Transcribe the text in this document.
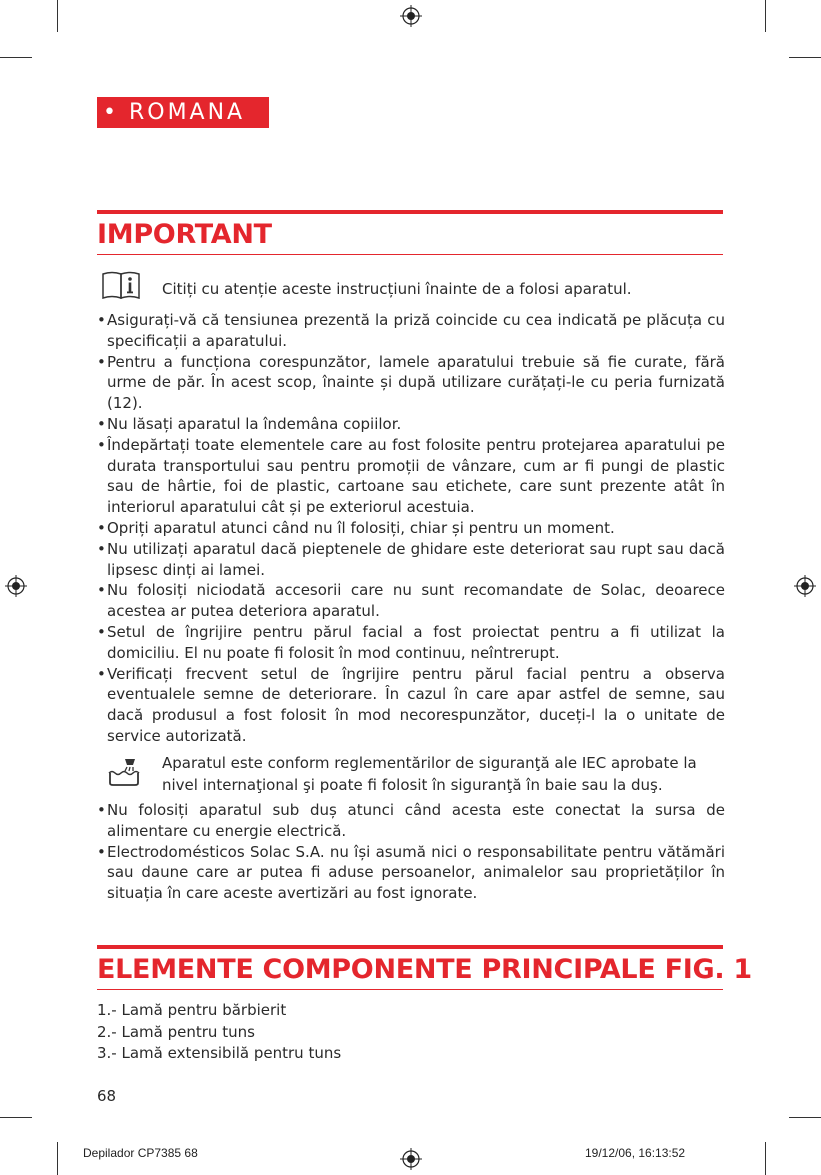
• ROMANA
IMPORTANT
Citiți cu atenție aceste instrucțiuni înainte de a folosi aparatul.
• Asigurați-vă că tensiunea prezentă la priză coincide cu cea indicată pe plăcuța cu specificații a aparatului.
• Pentru a funcționa corespunzător, lamele aparatului trebuie să fie curate, fără urme de păr. În acest scop, înainte și după utilizare curățați-le cu peria furnizată (12).
• Nu lăsați aparatul la îndemâna copiilor.
• Îndepărtați toate elementele care au fost folosite pentru protejarea aparatului pe durata transportului sau pentru promoții de vânzare, cum ar fi pungi de plastic sau de hârtie, foi de plastic, cartoane sau etichete, care sunt prezente atât în interiorul aparatului cât și pe exteriorul acestuia.
• Opriți aparatul atunci când nu îl folosiți, chiar și pentru un moment.
• Nu utilizați aparatul dacă pieptenele de ghidare este deteriorat sau rupt sau dacă lipsesc dinți ai lamei.
• Nu folosiți niciodată accesorii care nu sunt recomandate de Solac, deoarece acestea ar putea deteriora aparatul.
• Setul de îngrijire pentru părul facial a fost proiectat pentru a fi utilizat la domiciliu. El nu poate fi folosit în mod continuu, neîntrerupt.
• Verificați frecvent setul de îngrijire pentru părul facial pentru a observa eventualele semne de deteriorare. În cazul în care apar astfel de semne, sau dacă produsul a fost folosit în mod necorespunzător, duceți-l la o unitate de service autorizată.
Aparatul este conform reglementărilor de siguranţă ale IEC aprobate la nivel internaţional şi poate fi folosit în siguranţă în baie sau la duş.
• Nu folosiți aparatul sub duș atunci când acesta este conectat la sursa de alimentare cu energie electrică.
• Electrodomésticos Solac S.A. nu își asumă nici o responsabilitate pentru vătămări sau daune care ar putea fi aduse persoanelor, animalelor sau proprietăților în situația în care aceste avertizări au fost ignorate.
ELEMENTE COMPONENTE PRINCIPALE FIG. 1
1.- Lamă pentru bărbierit
2.- Lamă pentru tuns
3.- Lamă extensibilă pentru tuns
68
Depilador CP7385 68	19/12/06, 16:13:52
